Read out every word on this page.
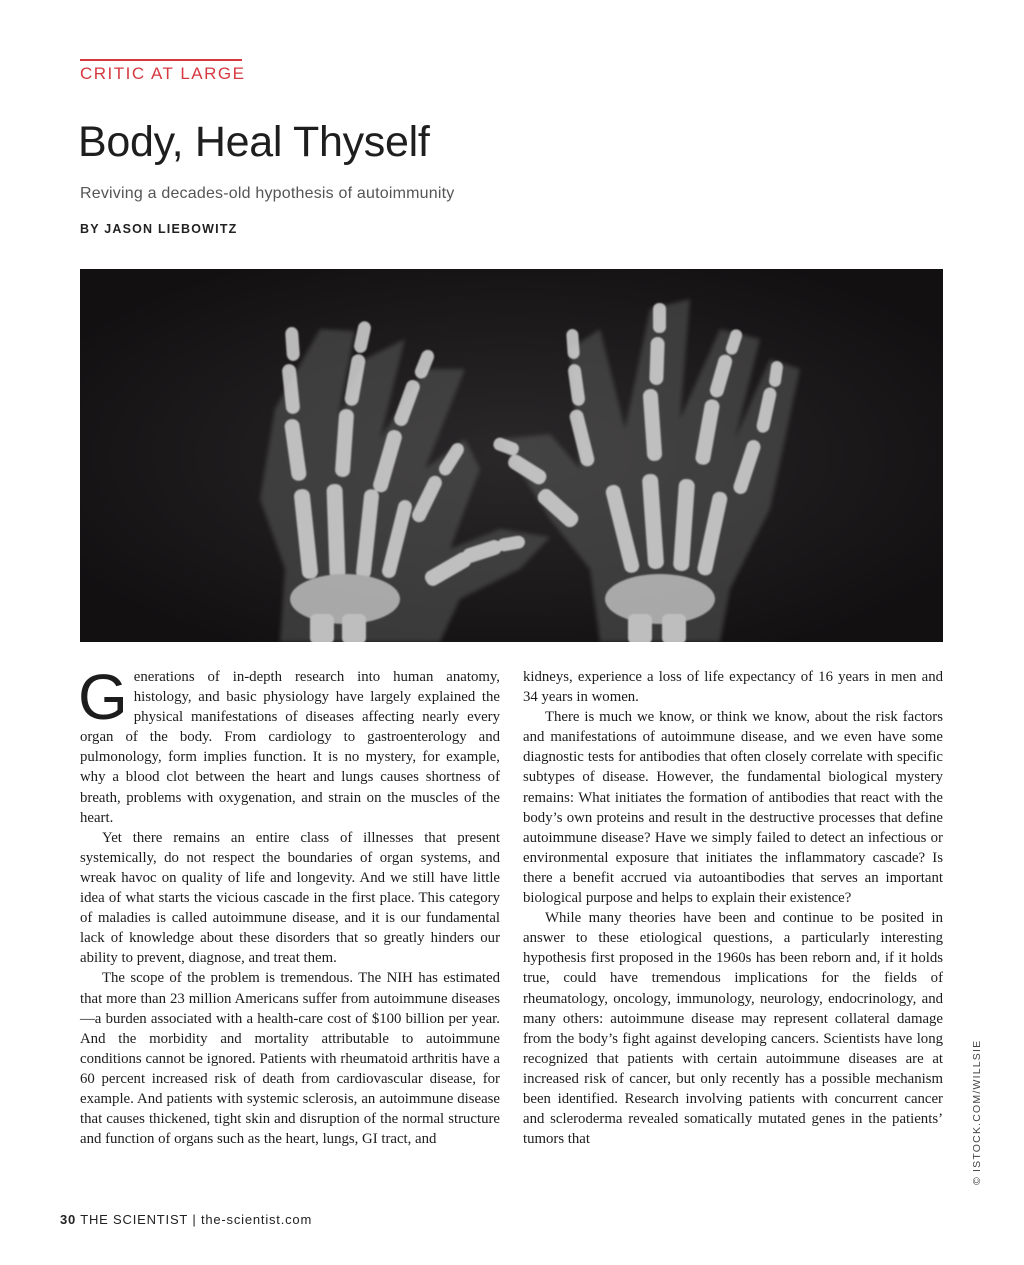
CRITIC AT LARGE
Body, Heal Thyself
Reviving a decades-old hypothesis of autoimmunity
BY JASON LIEBOWITZ

Generations of in-depth research into human anatomy, histology, and basic physiology have largely explained the physical manifestations of diseases affecting nearly every organ of the body. From cardiology to gastroenterology and pulmonology, form implies function. It is no mystery, for example, why a blood clot between the heart and lungs causes shortness of breath, problems with oxygenation, and strain on the muscles of the heart.

Yet there remains an entire class of illnesses that present systemically, do not respect the boundaries of organ systems, and wreak havoc on quality of life and longevity. And we still have little idea of what starts the vicious cascade in the first place. This category of maladies is called autoimmune disease, and it is our fundamental lack of knowledge about these disorders that so greatly hinders our ability to prevent, diagnose, and treat them.

The scope of the problem is tremendous. The NIH has estimated that more than 23 million Americans suffer from autoimmune diseases—a burden associated with a health-care cost of $100 billion per year. And the morbidity and mortality attributable to autoimmune conditions cannot be ignored. Patients with rheumatoid arthritis have a 60 percent increased risk of death from cardiovascular disease, for example. And patients with systemic sclerosis, an autoimmune disease that causes thickened, tight skin and disruption of the normal structure and function of organs such as the heart, lungs, GI tract, and

kidneys, experience a loss of life expectancy of 16 years in men and 34 years in women.

There is much we know, or think we know, about the risk factors and manifestations of autoimmune disease, and we even have some diagnostic tests for antibodies that often closely correlate with specific subtypes of disease. However, the fundamental biological mystery remains: What initiates the formation of antibodies that react with the body’s own proteins and result in the destructive processes that define autoimmune disease? Have we simply failed to detect an infectious or environmental exposure that initiates the inflammatory cascade? Is there a benefit accrued via autoantibodies that serves an important biological purpose and helps to explain their existence?

While many theories have been and continue to be posited in answer to these etiological questions, a particularly interesting hypothesis first proposed in the 1960s has been reborn and, if it holds true, could have tremendous implications for the fields of rheumatology, oncology, immunology, neurology, endocrinology, and many others: autoimmune disease may represent collateral damage from the body’s fight against developing cancers. Scientists have long recognized that patients with certain autoimmune diseases are at increased risk of cancer, but only recently has a possible mechanism been identified. Research involving patients with concurrent cancer and scleroderma revealed somatically mutated genes in the patients’ tumors that	© ISTOCK.COM/WILLSIE
30 THE SCIENTIST | the-scientist.com
